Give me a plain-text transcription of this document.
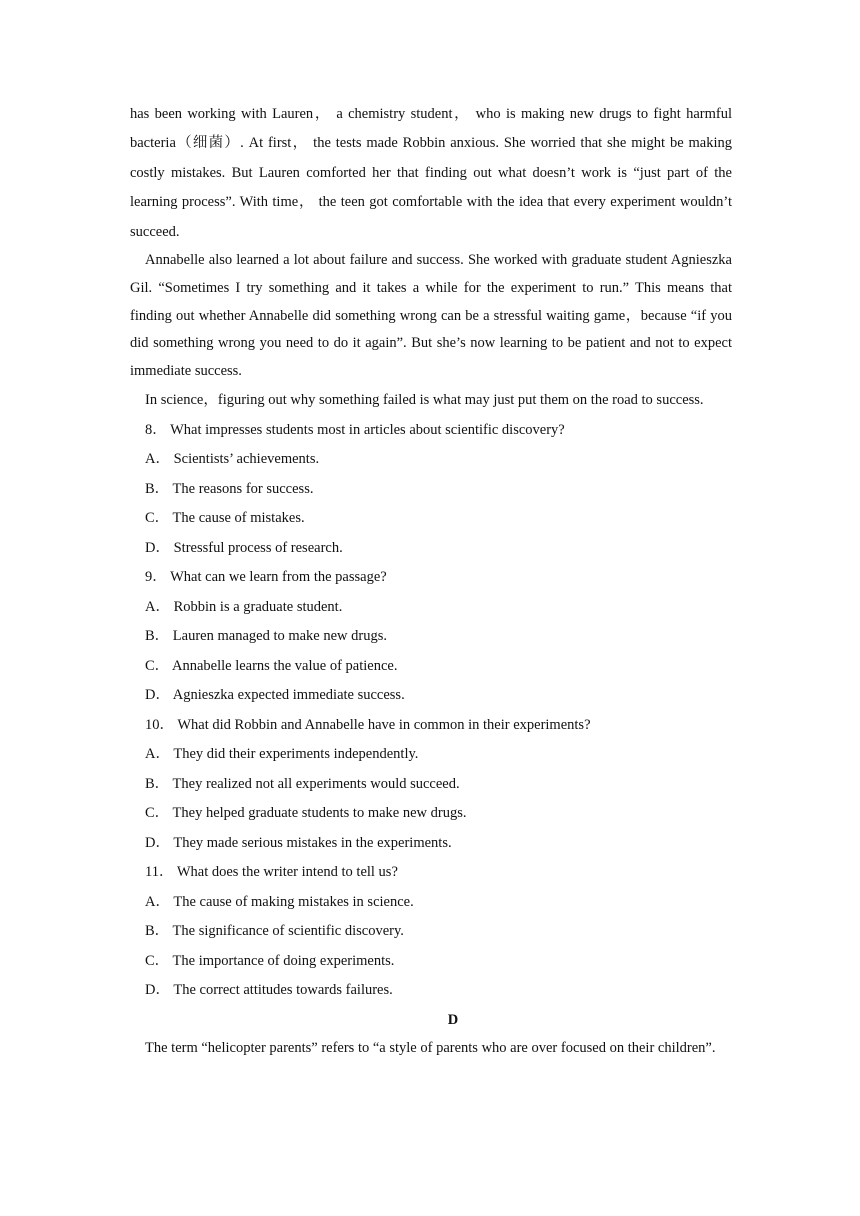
has been working with Lauren， a chemistry student， who is making new drugs to fight harmful bacteria（细菌）. At first， the tests made Robbin anxious. She worried that she might be making costly mistakes. But Lauren comforted her that finding out what doesn’t work is “just part of the learning process”. With time， the teen got comfortable with the idea that every experiment wouldn’t succeed.

Annabelle also learned a lot about failure and success. She worked with graduate student Agnieszka Gil. “Sometimes I try something and it takes a while for the experiment to run.” This means that finding out whether Annabelle did something wrong can be a stressful waiting game，because “if you did something wrong you need to do it again”. But she’s now learning to be patient and not to expect immediate success.

In science，figuring out why something failed is what may just put them on the road to success.
8． What impresses students most in articles about scientific discovery?
A． Scientists’ achievements.
B． The reasons for success.
C． The cause of mistakes.
D． Stressful process of research.
9． What can we learn from the passage?
A． Robbin is a graduate student.
B． Lauren managed to make new drugs.
C． Annabelle learns the value of patience.
D． Agnieszka expected immediate success.
10． What did Robbin and Annabelle have in common in their experiments?
A． They did their experiments independently.
B． They realized not all experiments would succeed.
C． They helped graduate students to make new drugs.
D． They made serious mistakes in the experiments.
11． What does the writer intend to tell us?
A． The cause of making mistakes in science.
B． The significance of scientific discovery.
C． The importance of doing experiments.
D． The correct attitudes towards failures.
D

The term “helicopter parents” refers to “a style of parents who are over focused on their children”.
